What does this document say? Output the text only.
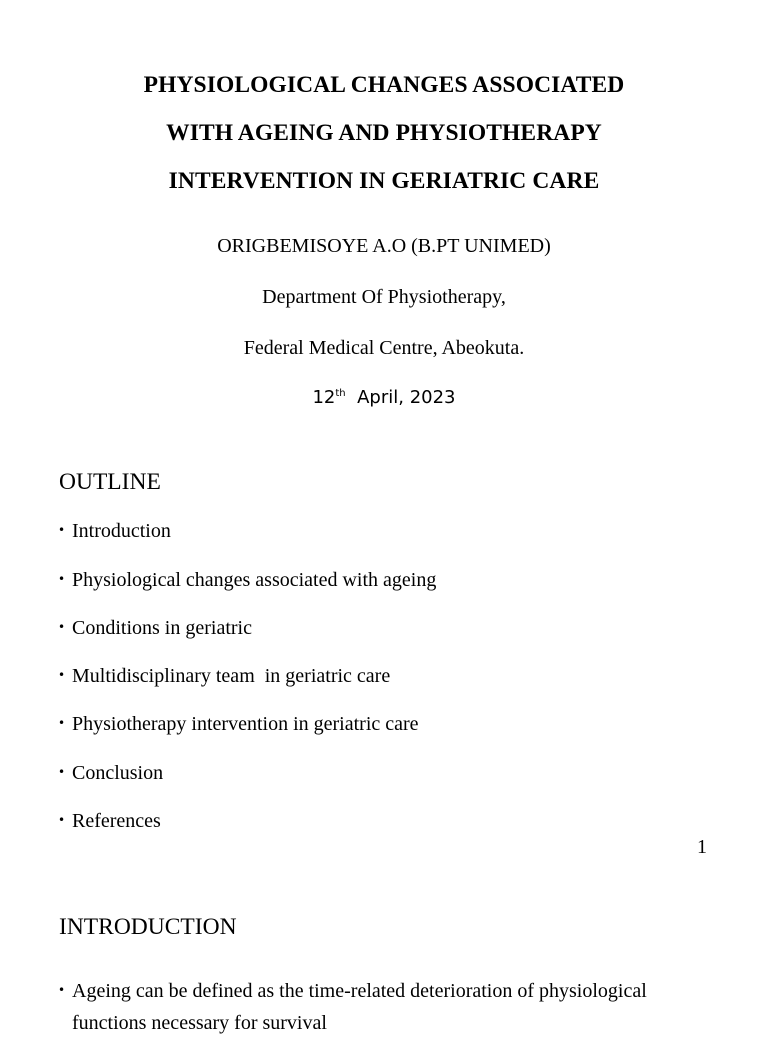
PHYSIOLOGICAL CHANGES ASSOCIATED
WITH AGEING AND PHYSIOTHERAPY
INTERVENTION IN GERIATRIC CARE
ORIGBEMISOYE A.O (B.PT UNIMED)
Department Of Physiotherapy,
Federal Medical Centre, Abeokuta.
12th April, 2023
OUTLINE
• Introduction
• Physiological changes associated with ageing
• Conditions in geriatric
• Multidisciplinary team  in geriatric care
• Physiotherapy intervention in geriatric care
• Conclusion
• References
1
INTRODUCTION
• Ageing can be defined as the time-related deterioration of physiological
functions necessary for survival
